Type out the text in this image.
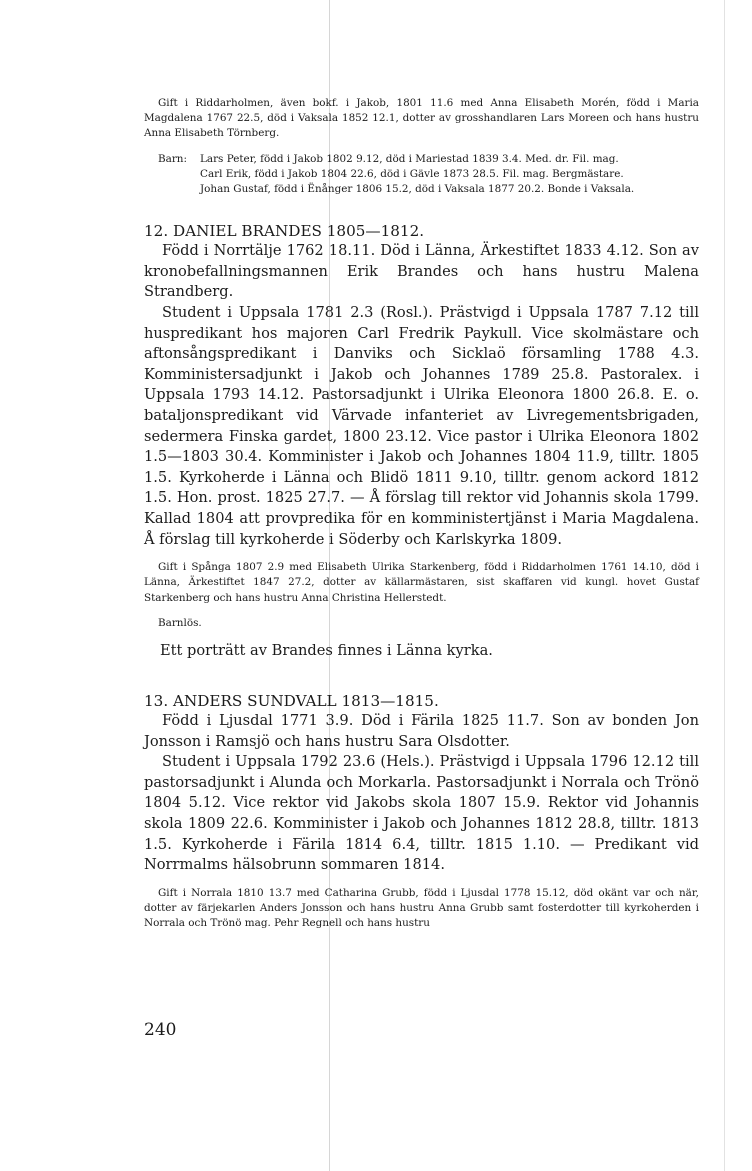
Gift i Riddarholmen, även bokf. i Jakob, 1801 11.6 med Anna Elisabeth Morén, född i Maria Magdalena 1767 22.5, död i Vaksala 1852 12.1, dotter av grosshandlaren Lars Moreen och hans hustru Anna Elisabeth Törnberg.

Barn:	Lars Peter, född i Jakob 1802 9.12, död i Mariestad 1839 3.4. Med. dr. Fil. mag.
Carl Erik, född i Jakob 1804 22.6, död i Gävle 1873 28.5. Fil. mag. Bergmästare.
Johan Gustaf, född i Ënånger 1806 15.2, död i Vaksala 1877 20.2. Bonde i Vaksala.
12. DANIEL BRANDES 1805—1812.

Född i Norrtälje 1762 18.11. Död i Länna, Ärkestiftet 1833 4.12. Son av kronobefallningsmannen Erik Brandes och hans hustru Malena Strandberg.

Student i Uppsala 1781 2.3 (Rosl.). Prästvigd i Uppsala 1787 7.12 till huspredikant hos majoren Carl Fredrik Paykull. Vice skolmästare och aftonsångspredikant i Danviks och Sicklaö församling 1788 4.3. Komministersadjunkt i Jakob och Johannes 1789 25.8. Pastoralex. i Uppsala 1793 14.12. Pastorsadjunkt i Ulrika Eleonora 1800 26.8. E. o. bataljonspredikant vid Värvade infanteriet av Livregementsbrigaden, sedermera Finska gardet, 1800 23.12. Vice pastor i Ulrika Eleonora 1802 1.5—1803 30.4. Komminister i Jakob och Johannes 1804 11.9, tilltr. 1805 1.5. Kyrkoherde i Länna och Blidö 1811 9.10, tilltr. genom ackord 1812 1.5. Hon. prost. 1825 27.7. — Å förslag till rektor vid Johannis skola 1799. Kallad 1804 att provpredika för en komministertjänst i Maria Magdalena. Å förslag till kyrkoherde i Söderby och Karlskyrka 1809.

Gift i Spånga 1807 2.9 med Elisabeth Ulrika Starkenberg, född i Riddarholmen 1761 14.10, död i Länna, Ärkestiftet 1847 27.2, dotter av källarmästaren, sist skaffaren vid kungl. hovet Gustaf Starkenberg och hans hustru Anna Christina Hellerstedt.

Barnlös.

Ett porträtt av Brandes finnes i Länna kyrka.

13. ANDERS SUNDVALL 1813—1815.

Född i Ljusdal 1771 3.9. Död i Färila 1825 11.7. Son av bonden Jon Jonsson i Ramsjö och hans hustru Sara Olsdotter.

Student i Uppsala 1792 23.6 (Hels.). Prästvigd i Uppsala 1796 12.12 till pastorsadjunkt i Alunda och Morkarla. Pastorsadjunkt i Norrala och Trönö 1804 5.12. Vice rektor vid Jakobs skola 1807 15.9. Rektor vid Johannis skola 1809 22.6. Komminister i Jakob och Johannes 1812 28.8, tilltr. 1813 1.5. Kyrkoherde i Färila 1814 6.4, tilltr. 1815 1.10. — Predikant vid Norrmalms hälsobrunn sommaren 1814.

Gift i Norrala 1810 13.7 med Catharina Grubb, född i Ljusdal 1778 15.12, död okänt var och när, dotter av färjekarlen Anders Jonsson och hans hustru Anna Grubb samt fosterdotter till kyrkoherden i Norrala och Trönö mag. Pehr Regnell och hans hustru

240
